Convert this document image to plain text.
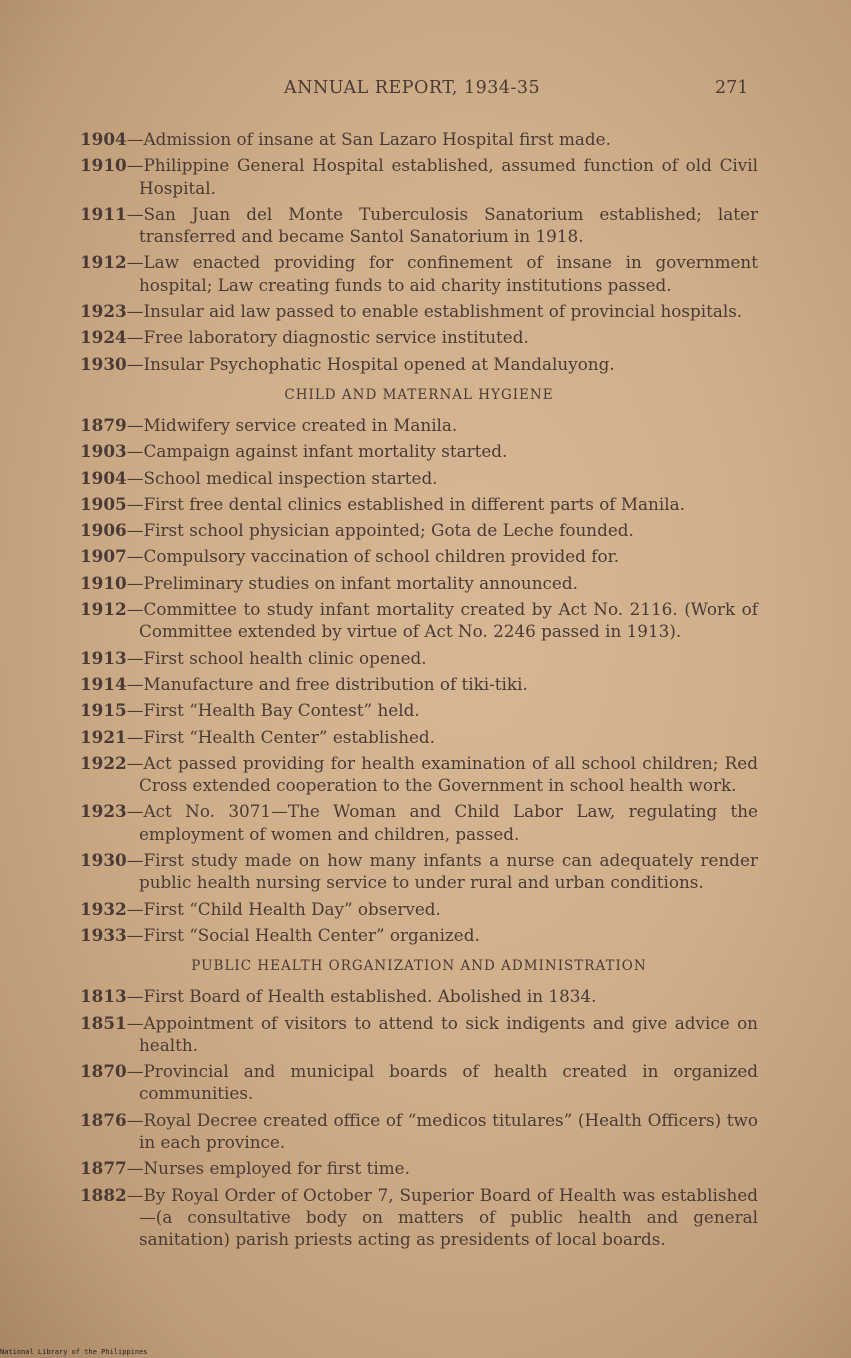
ANNUAL REPORT, 1934-35	271
1904—Admission of insane at San Lazaro Hospital first made.
1910—Philippine General Hospital established, assumed function of old Civil Hospital.
1911—San Juan del Monte Tuberculosis Sanatorium established; later transferred and became Santol Sanatorium in 1918.
1912—Law enacted providing for confinement of insane in government hospital; Law creating funds to aid charity institutions passed.
1923—Insular aid law passed to enable establishment of provincial hospitals.
1924—Free laboratory diagnostic service instituted.
1930—Insular Psychophatic Hospital opened at Mandaluyong.
CHILD AND MATERNAL HYGIENE
1879—Midwifery service created in Manila.
1903—Campaign against infant mortality started.
1904—School medical inspection started.
1905—First free dental clinics established in different parts of Manila.
1906—First school physician appointed; Gota de Leche founded.
1907—Compulsory vaccination of school children provided for.
1910—Preliminary studies on infant mortality announced.
1912—Committee to study infant mortality created by Act No. 2116. (Work of Committee extended by virtue of Act No. 2246 passed in 1913).
1913—First school health clinic opened.
1914—Manufacture and free distribution of tiki-tiki.
1915—First “Health Bay Contest” held.
1921—First “Health Center” established.
1922—Act passed providing for health examination of all school children; Red Cross extended cooperation to the Government in school health work.
1923—Act No. 3071—The Woman and Child Labor Law, regulating the employment of women and children, passed.
1930—First study made on how many infants a nurse can adequately render public health nursing service to under rural and urban conditions.
1932—First “Child Health Day” observed.
1933—First “Social Health Center” organized.
PUBLIC HEALTH ORGANIZATION AND ADMINISTRATION
1813—First Board of Health established. Abolished in 1834.
1851—Appointment of visitors to attend to sick indigents and give advice on health.
1870—Provincial and municipal boards of health created in organized communities.
1876—Royal Decree created office of “medicos titulares” (Health Officers) two in each province.
1877—Nurses employed for first time.
1882—By Royal Order of October 7, Superior Board of Health was established—(a consultative body on matters of public health and general sanitation) parish priests acting as presidents of local boards.
National Library of the Philippines
